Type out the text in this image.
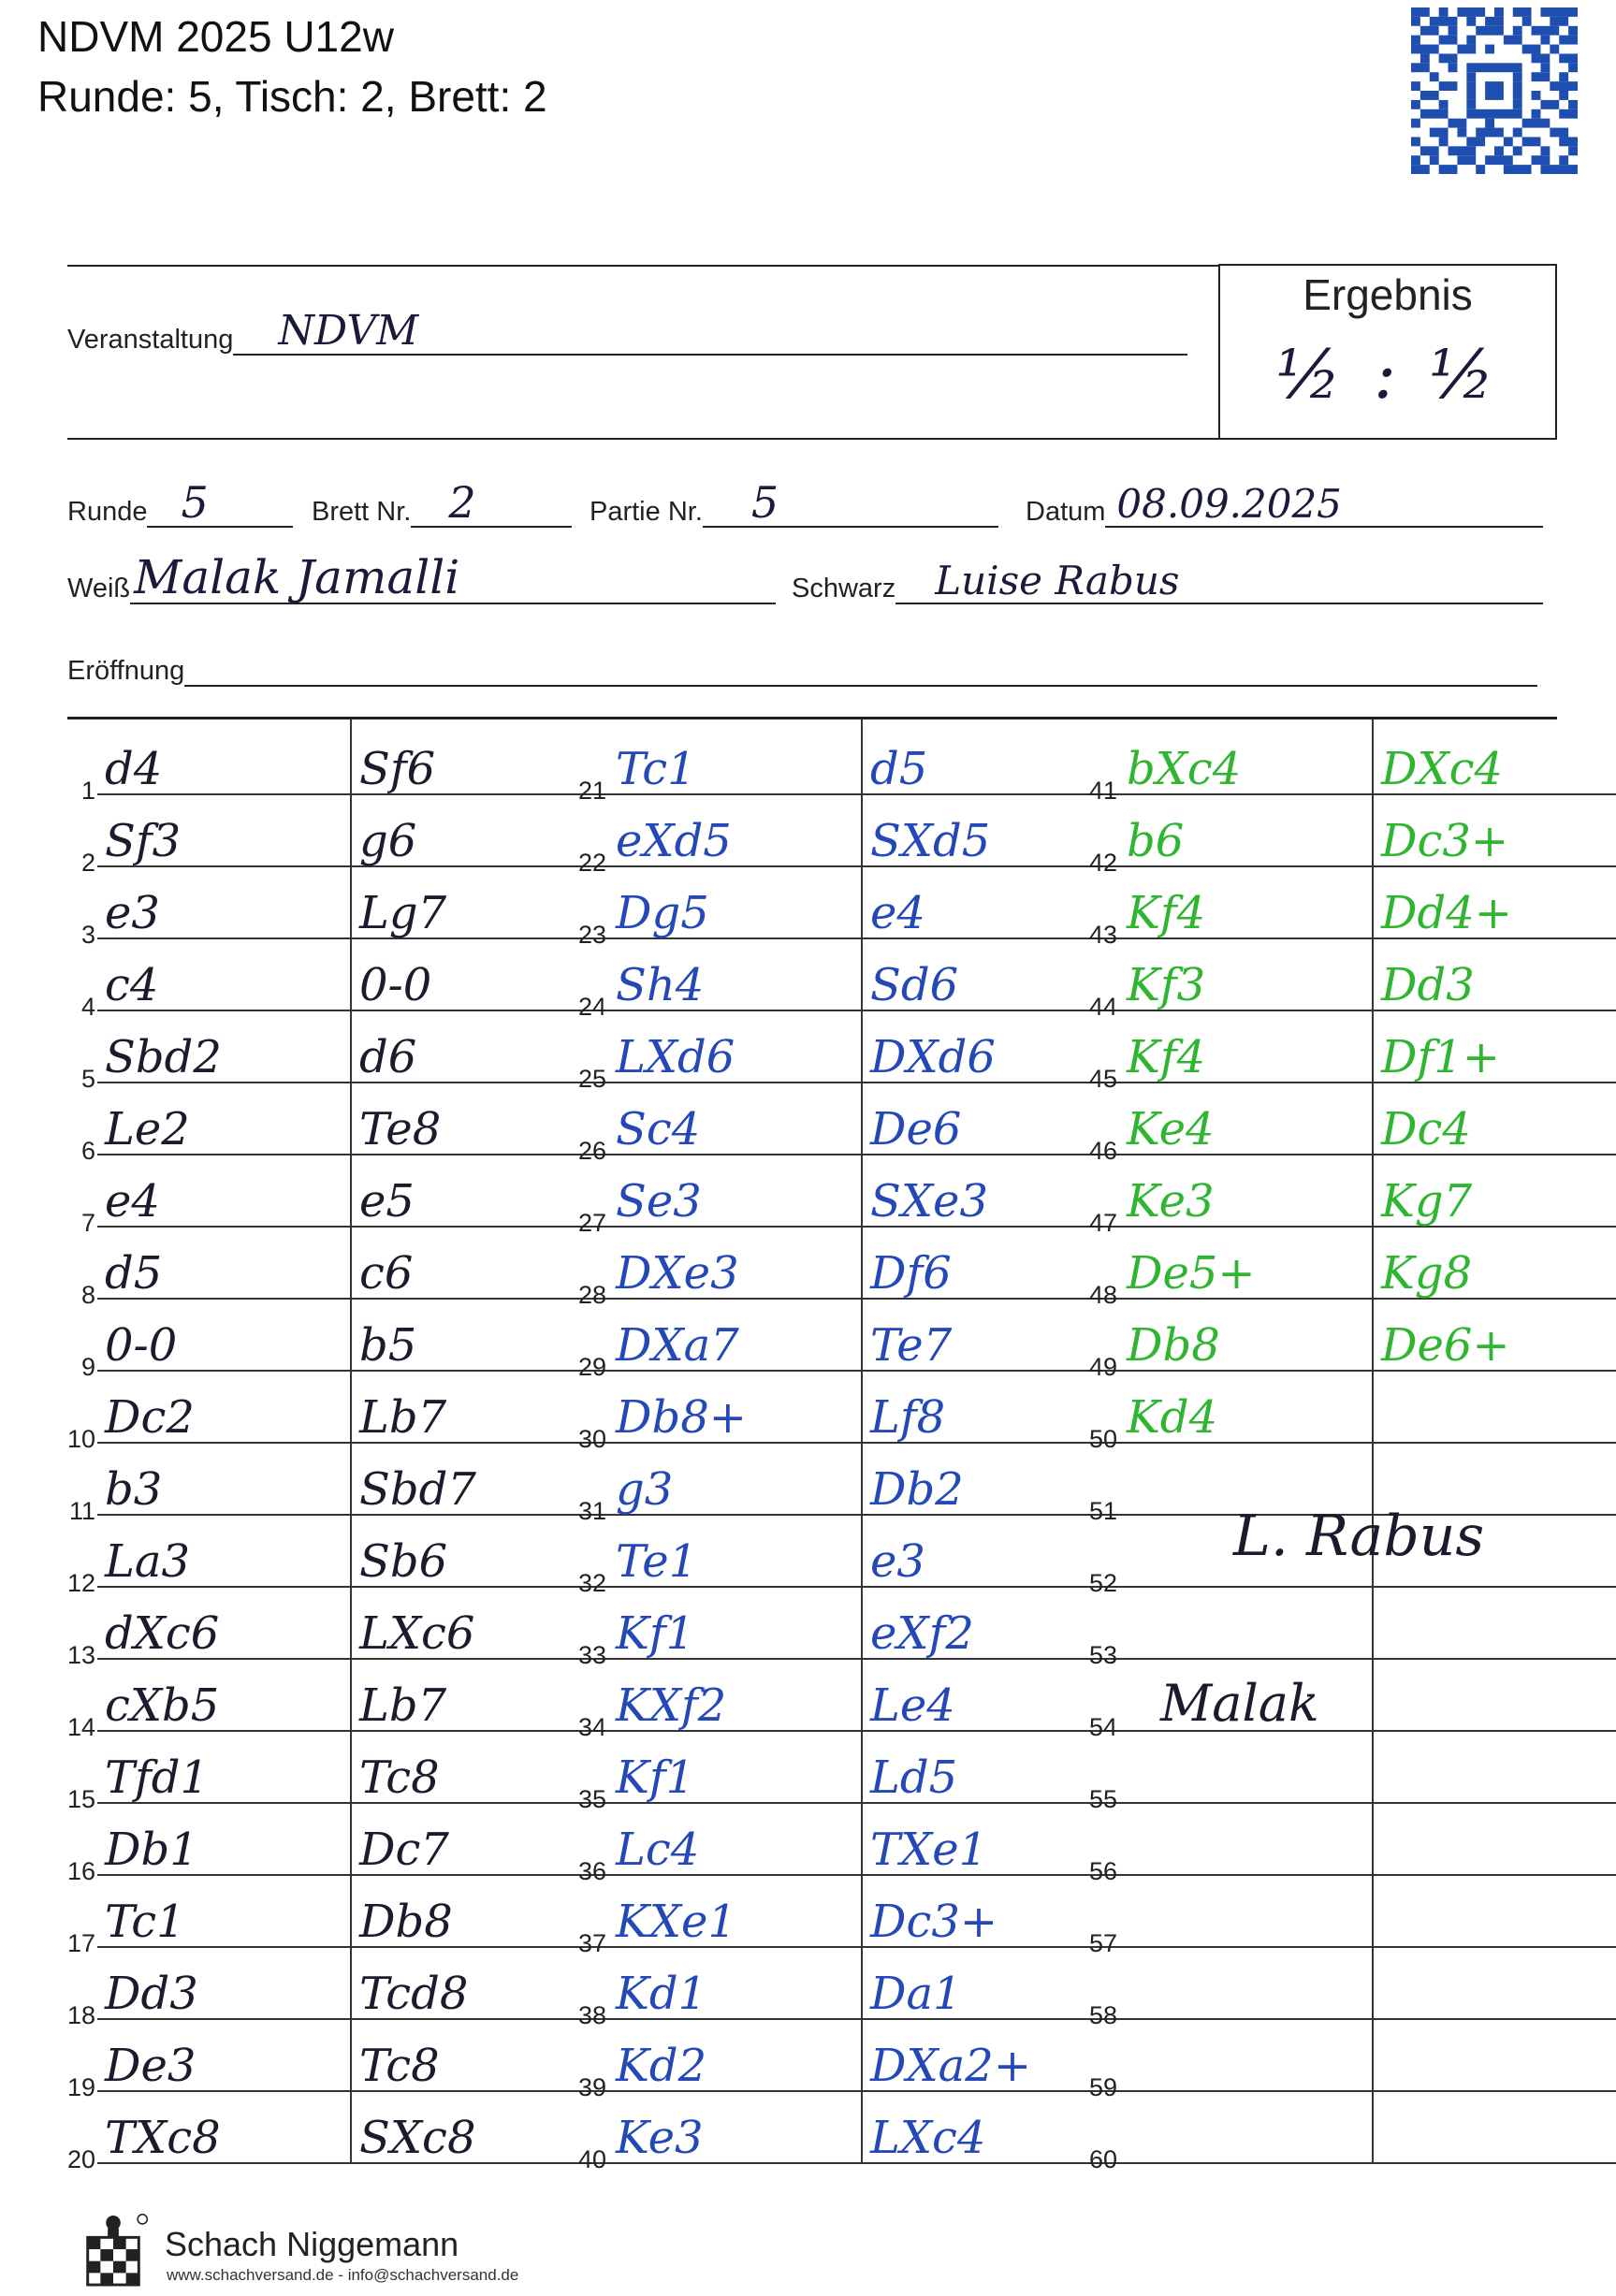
NDVM 2025 U12w
Runde: 5, Tisch: 2, Brett: 2
Ergebnis
½ : ½
Veranstaltung NDVM
Runde 5	Brett Nr. 2	Partie Nr. 5	Datum 08.09.2025
Weiß Malak Jamalli	Schwarz Luise Rabus
Eröffnung
1 d4	Sf6
2 Sf3	g6
3 e3	Lg7
4 c4	0-0
5 Sbd2	d6
6 Le2	Te8
7 e4	e5
8 d5	c6
9 0-0	b5
10 Dc2	Lb7
11 b3	Sbd7
12 La3	Sb6
13 dXc6	LXc6
14 cXb5	Lb7
15 Tfd1	Tc8
16 Db1	Dc7
17 Tc1	Db8
18 Dd3	Tcd8
19 De3	Tc8
20 TXc8	SXc8
21 Tc1	d5
22 eXd5	SXd5
23 Dg5	e4
24 Sh4	Sd6
25 LXd6	DXd6
26 Sc4	De6
27 Se3	SXe3
28 DXe3	Df6
29 DXa7	Te7
30 Db8+	Lf8
31 g3	Db2
32 Te1	e3
33 Kf1	eXf2
34 KXf2	Le4
35 Kf1	Ld5
36 Lc4	TXe1
37 KXe1	Dc3+
38 Kd1	Da1
39 Kd2	DXa2+
40 Ke3	LXc4
41 bXc4	DXc4
42 b6	Dc3+
43 Kf4	Dd4+
44 Kf3	Dd3
45 Kf4	Df1+
46 Ke4	Dc4
47 Ke3	Kg7
48 De5+	Kg8
49 Db8	De6+
50 Kd4
51
52
53
54
55
56
57
58
59
60
L. Rabus
Malak
Schach Niggemann
www.schachversand.de - info@schachversand.de
